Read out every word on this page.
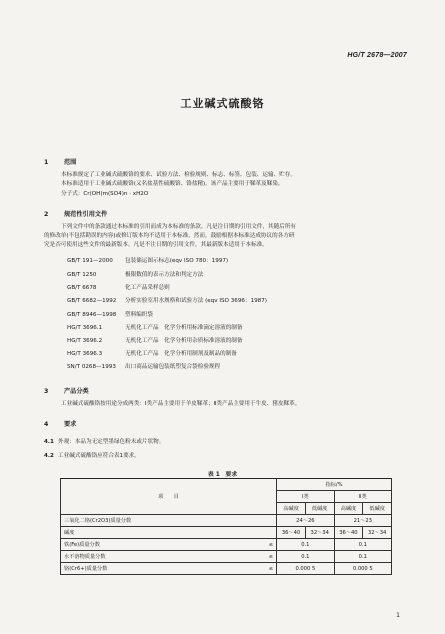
HG/T 2678—2007
工业碱式硫酸铬
1	范围
本标准规定了工业碱式硫酸铬的要求、试验方法、检验规则、标志、标签、包装、运输、贮存。
本标准适用于工业碱式硫酸铬(又名盐基性硫酸铬、铬盐精)。该产品主要用于鞣革及鞣染。
分子式：Cr(OH)m(SO4)n · xH2O
2	规范性引用文件
下列文件中的条款通过本标准的引用而成为本标准的条款。凡是注日期的引用文件，其随后所有
的修改单(不包括勘误的内容)或修订版本均不适用于本标准，然而，鼓励根据本标准达成协议的各方研
究是否可使用这些文件的最新版本。凡是不注日期的引用文件，其最新版本适用于本标准。
GB/T 191—2000 包装储运图示标志(eqv ISO 780：1997)
GB/T 1250	极限数值的表示方法和判定方法
GB/T 6678	化工产品采样总则
GB/T 6682—1992 分析实验室用水规格和试验方法 (eqv ISO 3696：1987)
GB/T 8946—1998 塑料编织袋
HG/T 3696.1	无机化工产品　化学分析用标准滴定溶液的制备
HG/T 3696.2	无机化工产品　化学分析用杂质标准溶液的制备
HG/T 3696.3	无机化工产品　化学分析用制剂及制品的制备
SN/T 0268—1993 出口商品运输包装纸塑复合袋检验规程
3	产品分类
工业碱式硫酸铬按用途分成两类：Ⅰ类产品主要用于羊皮鞣革；Ⅱ类产品主要用于牛皮、猪皮鞣革。
4	要求
4.1 外观：本品为无定型墨绿色粉末或片状物。
4.2 工业碱式硫酸铬应符合表1要求。
表 1　要求
项　　目		指标/%			
		Ⅰ类		Ⅱ类	
		高碱度	低碱度	高碱度	低碱度
三氧化二铬(Cr2O3)质量分数		24～26		21～23	
碱度		36～40	32～34	36～40	32～34
铁(Fe)质量分数	≤	0.1		0.1	
水不溶物质量分数	≤	0.1		0.1	
铬(Cr6+)质量分数	≤	0.000 5		0.000 5	
1
